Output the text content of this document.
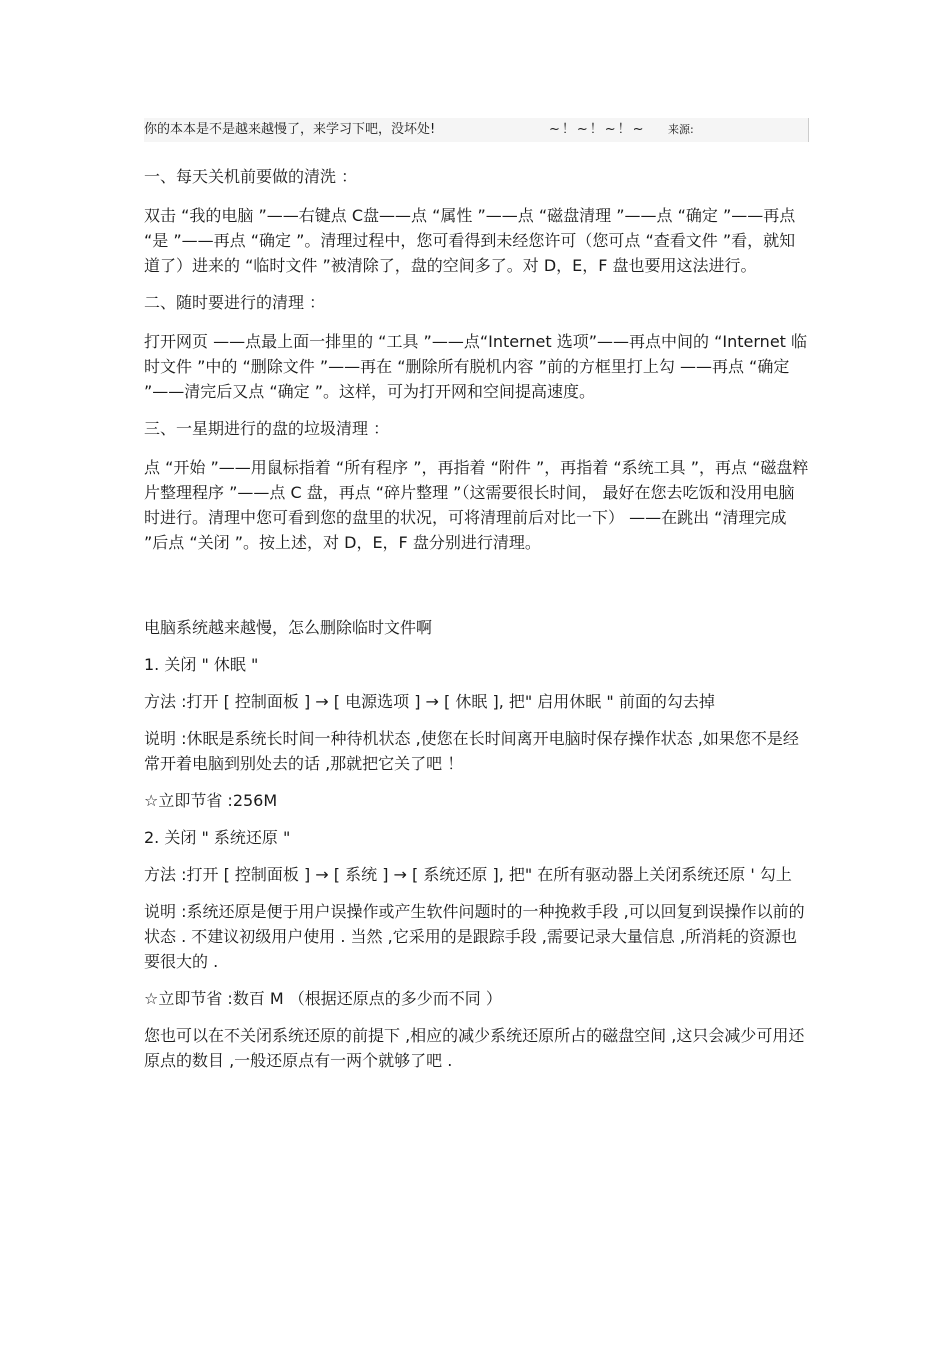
你的本本是不是越来越慢了，来学习下吧，没坏处!	~！~！~！~ 来源:

一、每天关机前要做的清洗 ：

双击 “我的电脑 ”——右键点 C盘——点 “属性 ”——点 “磁盘清理 ”——点 “确定 ”——再点 “是 ”——再点 “确定 ”。清理过程中，您可看得到未经您许可（您可点 “查看文件 ”看，就知道了）进来的 “临时文件 ”被清除了，盘的空间多了。对 D，E，F 盘也要用这法进行。

二、随时要进行的清理 ：

打开网页 ——点最上面一排里的 “工具 ”——点“Internet 选项”——再点中间的 “Internet 临时文件 ”中的 “删除文件 ”——再在 “删除所有脱机内容 ”前的方框里打上勾 ——再点 “确定 ”——清完后又点 “确定 ”。这样，可为打开网和空间提高速度。

三、一星期进行的盘的垃圾清理 ：

点 “开始 ”——用鼠标指着 “所有程序 ”，再指着 “附件 ”，再指着 “系统工具 ”，再点 “磁盘粹片整理程序 ”——点 C 盘，再点 “碎片整理 ”（这需要很长时间， 最好在您去吃饭和没用电脑时进行。清理中您可看到您的盘里的状况，可将清理前后对比一下） ——在跳出 “清理完成 ”后点 “关闭 ”。按上述，对 D，E，F 盘分别进行清理。

电脑系统越来越慢，怎么删除临时文件啊

1. 关闭 " 休眠 "

方法 :打开 [ 控制面板 ] → [ 电源选项 ] → [ 休眠 ], 把" 启用休眠 " 前面的勾去掉

说明 :休眠是系统长时间一种待机状态 ,使您在长时间离开电脑时保存操作状态 ,如果您不是经常开着电脑到别处去的话 ,那就把它关了吧 ！

☆立即节省 :256M

2. 关闭 " 系统还原 "

方法 :打开 [ 控制面板 ] → [ 系统 ] → [ 系统还原 ], 把" 在所有驱动器上关闭系统还原 ' 勾上

说明 :系统还原是便于用户误操作或产生软件问题时的一种挽救手段 ,可以回复到误操作以前的状态 . 不建议初级用户使用 . 当然 ,它采用的是跟踪手段 ,需要记录大量信息 ,所消耗的资源也要很大的 .

☆立即节省 :数百 M （根据还原点的多少而不同 ）

您也可以在不关闭系统还原的前提下 ,相应的减少系统还原所占的磁盘空间 ,这只会减少可用还原点的数目 ,一般还原点有一两个就够了吧 .
